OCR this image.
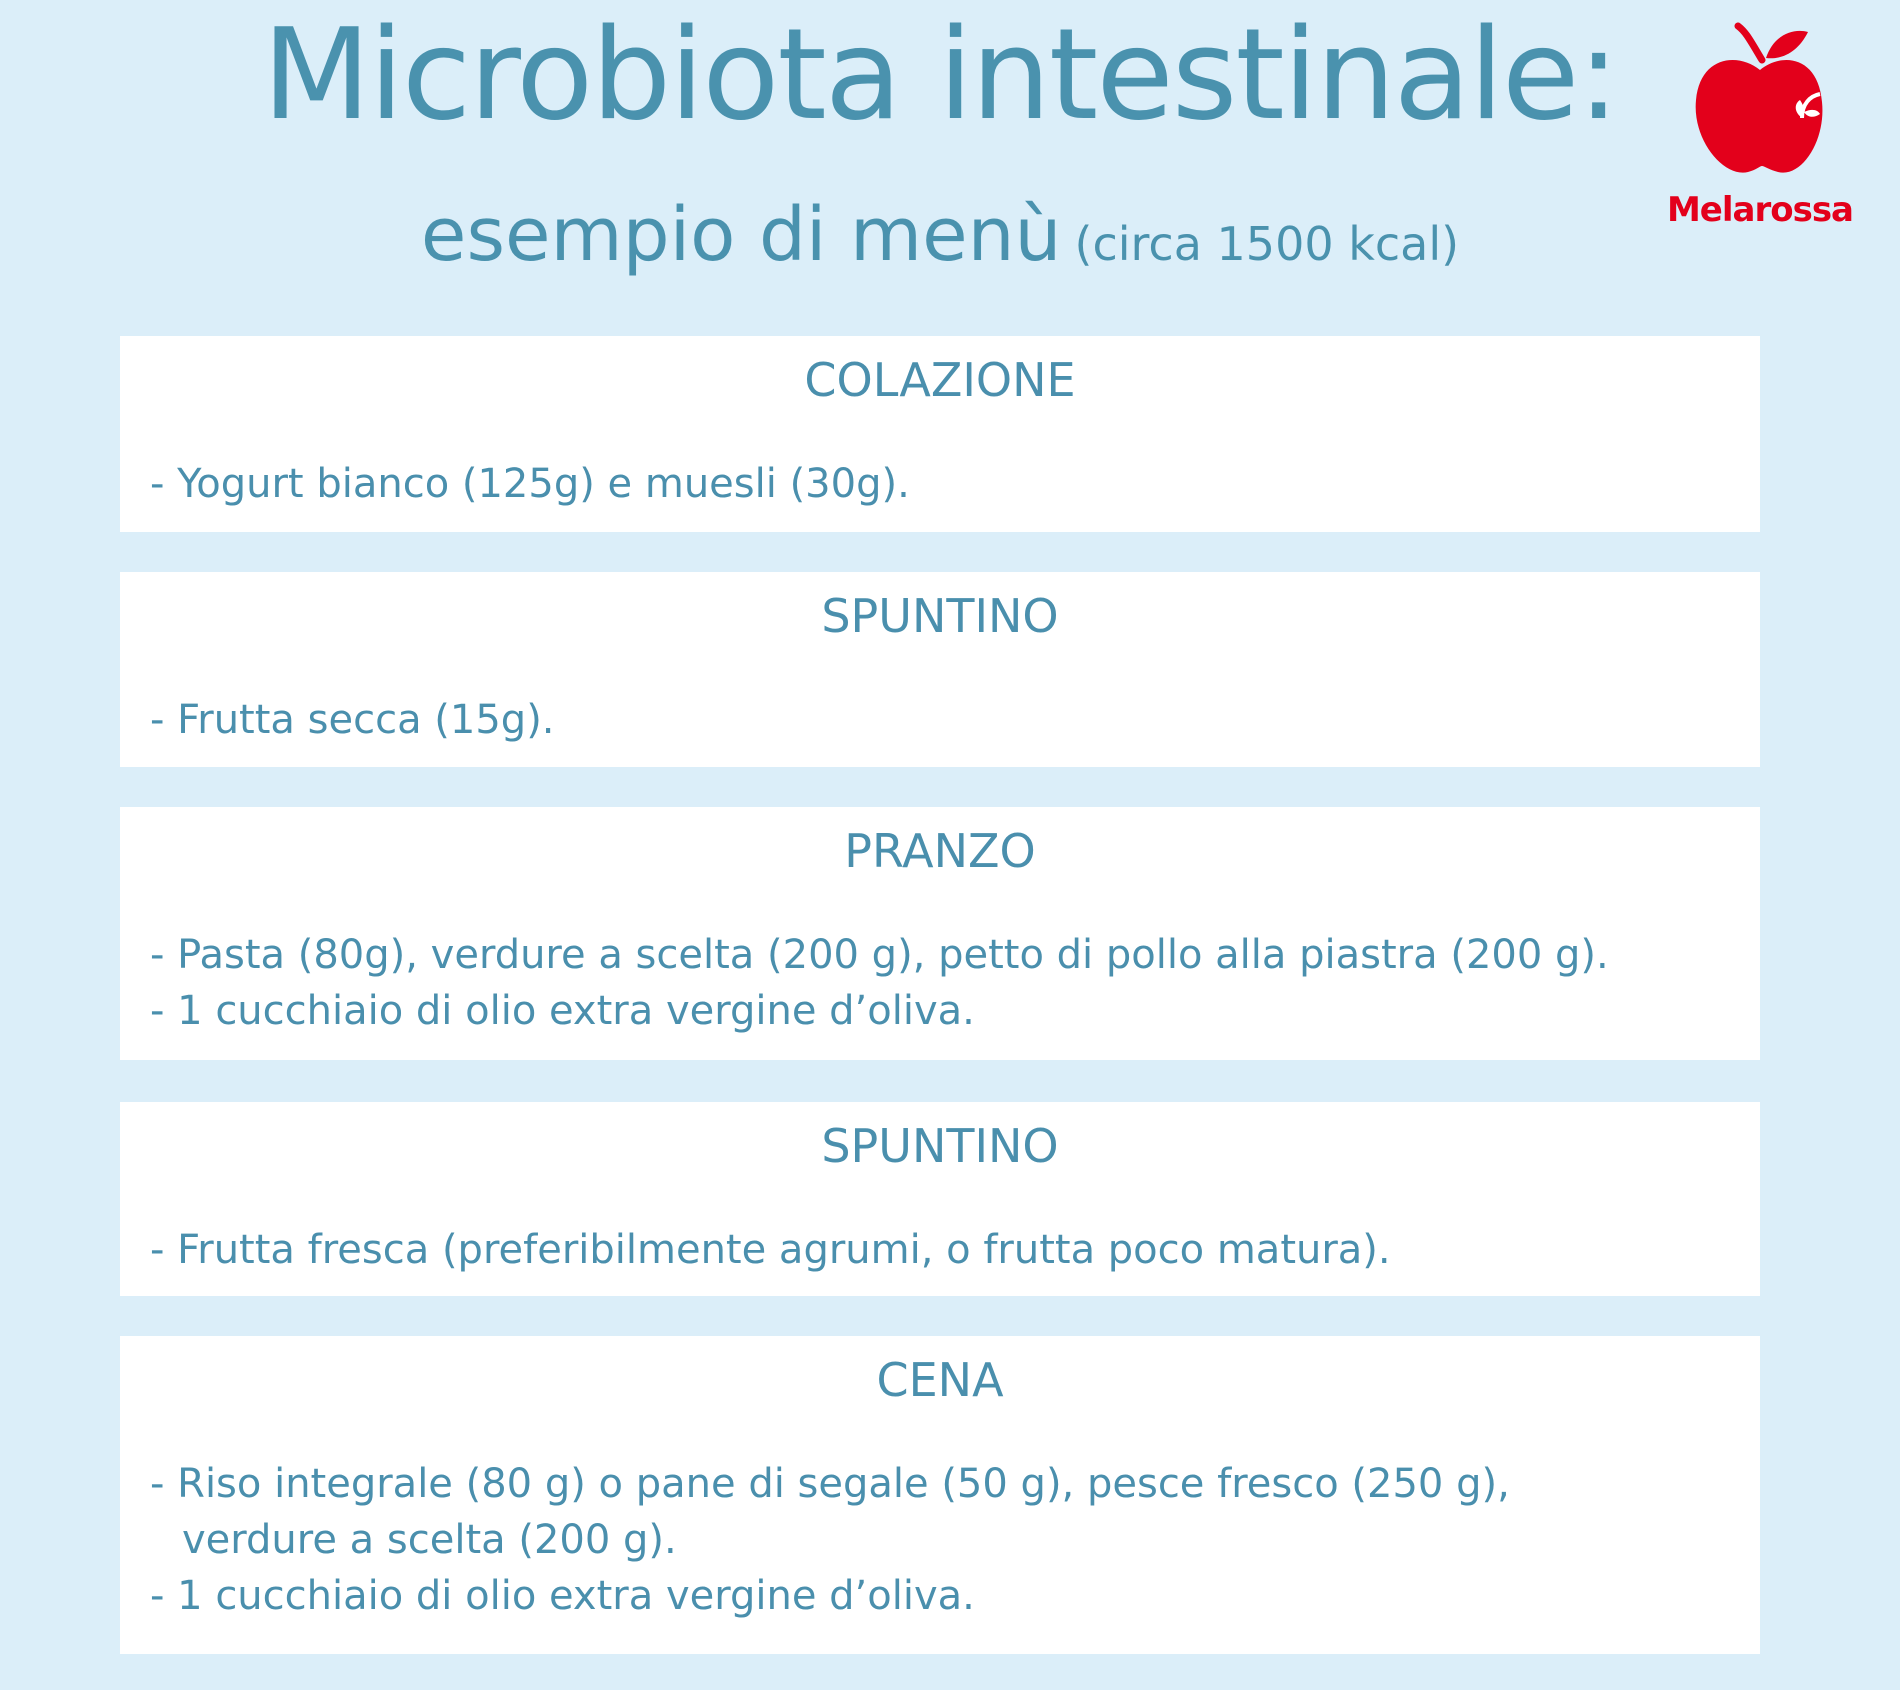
Microbiota intestinale:
esempio di menù (circa 1500 kcal)
Melarossa
COLAZIONE
- Yogurt bianco (125g) e muesli (30g).
SPUNTINO
- Frutta secca (15g).
PRANZO
- Pasta (80g), verdure a scelta (200 g), petto di pollo alla piastra (200 g).
- 1 cucchiaio di olio extra vergine d’oliva.
SPUNTINO
- Frutta fresca (preferibilmente agrumi, o frutta poco matura).
CENA
- Riso integrale (80 g) o pane di segale (50 g), pesce fresco (250 g),
verdure a scelta (200 g).
- 1 cucchiaio di olio extra vergine d’oliva.
